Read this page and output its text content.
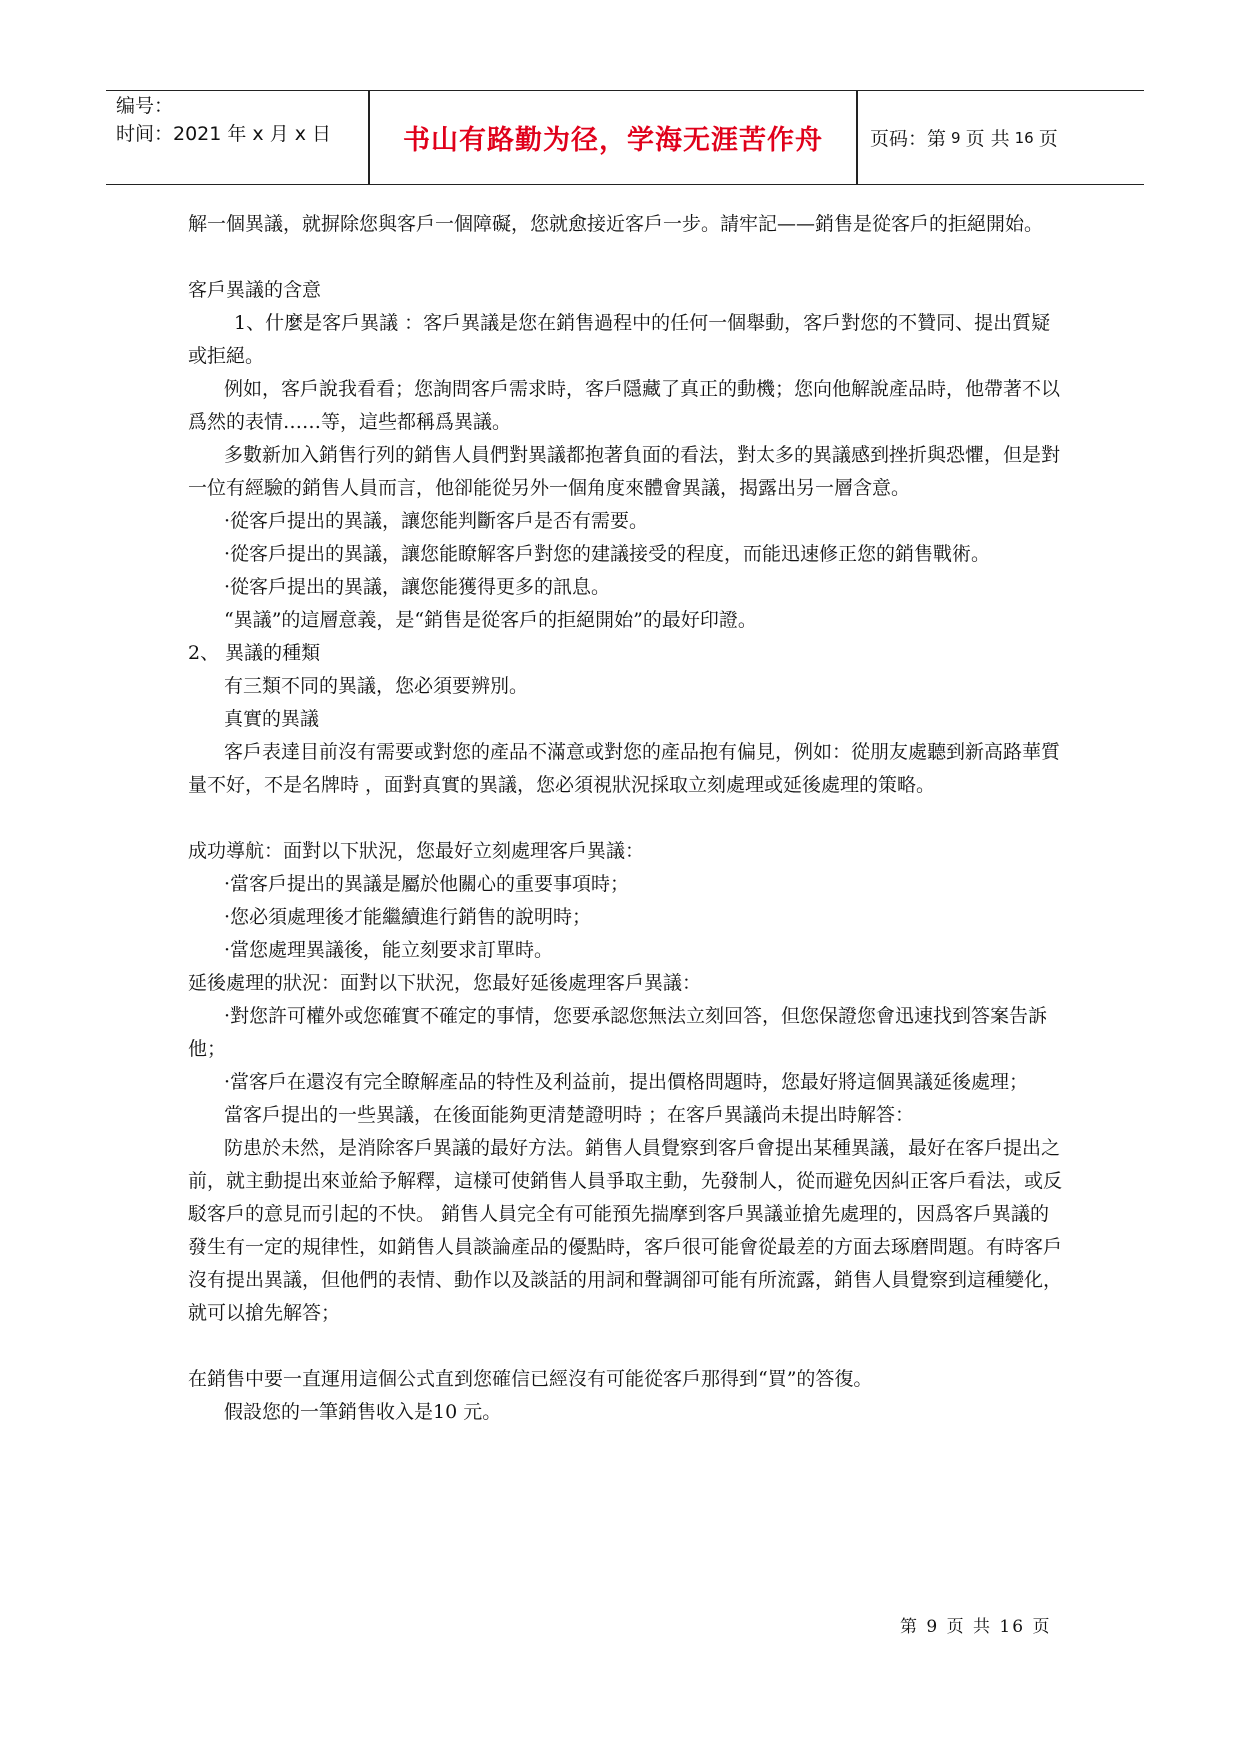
编号：
时间：2021 年 x 月 x 日	书山有路勤为径，学海无涯苦作舟	页码：第 9 页 共 16 页

解一個異議，就摒除您與客戶一個障礙，您就愈接近客戶一步。請牢記——銷售是從客戶的拒絕開始。

客戶異議的含意

1、什麼是客戶異議 ：客戶異議是您在銷售過程中的任何一個舉動，客戶對您的不贊同、提出質疑或拒絕。

例如，客戶說我看看；您詢問客戶需求時，客戶隱藏了真正的動機；您向他解說產品時，他帶著不以爲然的表情……等，這些都稱爲異議。

多數新加入銷售行列的銷售人員們對異議都抱著負面的看法，對太多的異議感到挫折與恐懼，但是對一位有經驗的銷售人員而言，他卻能從另外一個角度來體會異議，揭露出另一層含意。

·從客戶提出的異議，讓您能判斷客戶是否有需要。

·從客戶提出的異議，讓您能瞭解客戶對您的建議接受的程度，而能迅速修正您的銷售戰術。

·從客戶提出的異議，讓您能獲得更多的訊息。

“異議”的這層意義，是“銷售是從客戶的拒絕開始”的最好印證。

2、 異議的種類

有三類不同的異議，您必須要辨別。

真實的異議

客戶表達目前沒有需要或對您的產品不滿意或對您的產品抱有偏見，例如：從朋友處聽到新高路華質量不好，不是名牌時 ，面對真實的異議，您必須視狀況採取立刻處理或延後處理的策略。

成功導航：面對以下狀況，您最好立刻處理客戶異議：

·當客戶提出的異議是屬於他關心的重要事項時；

·您必須處理後才能繼續進行銷售的說明時；

·當您處理異議後，能立刻要求訂單時。

延後處理的狀況：面對以下狀況，您最好延後處理客戶異議：

·對您許可權外或您確實不確定的事情，您要承認您無法立刻回答，但您保證您會迅速找到答案告訴他；

·當客戶在還沒有完全瞭解產品的特性及利益前，提出價格問題時，您最好將這個異議延後處理；

當客戶提出的一些異議，在後面能夠更清楚證明時 ；在客戶異議尚未提出時解答：

防患於未然，是消除客戶異議的最好方法。銷售人員覺察到客戶會提出某種異議，最好在客戶提出之前，就主動提出來並給予解釋，這樣可使銷售人員爭取主動，先發制人，從而避免因糾正客戶看法，或反駁客戶的意見而引起的不快。 銷售人員完全有可能預先揣摩到客戶異議並搶先處理的，因爲客戶異議的發生有一定的規律性，如銷售人員談論產品的優點時，客戶很可能會從最差的方面去琢磨問題。有時客戶沒有提出異議，但他們的表情、動作以及談話的用詞和聲調卻可能有所流露，銷售人員覺察到這種變化，就可以搶先解答；

在銷售中要一直運用這個公式直到您確信已經沒有可能從客戶那得到“買”的答復。

假設您的一筆銷售收入是10 元。

第 9 页 共 16 页
